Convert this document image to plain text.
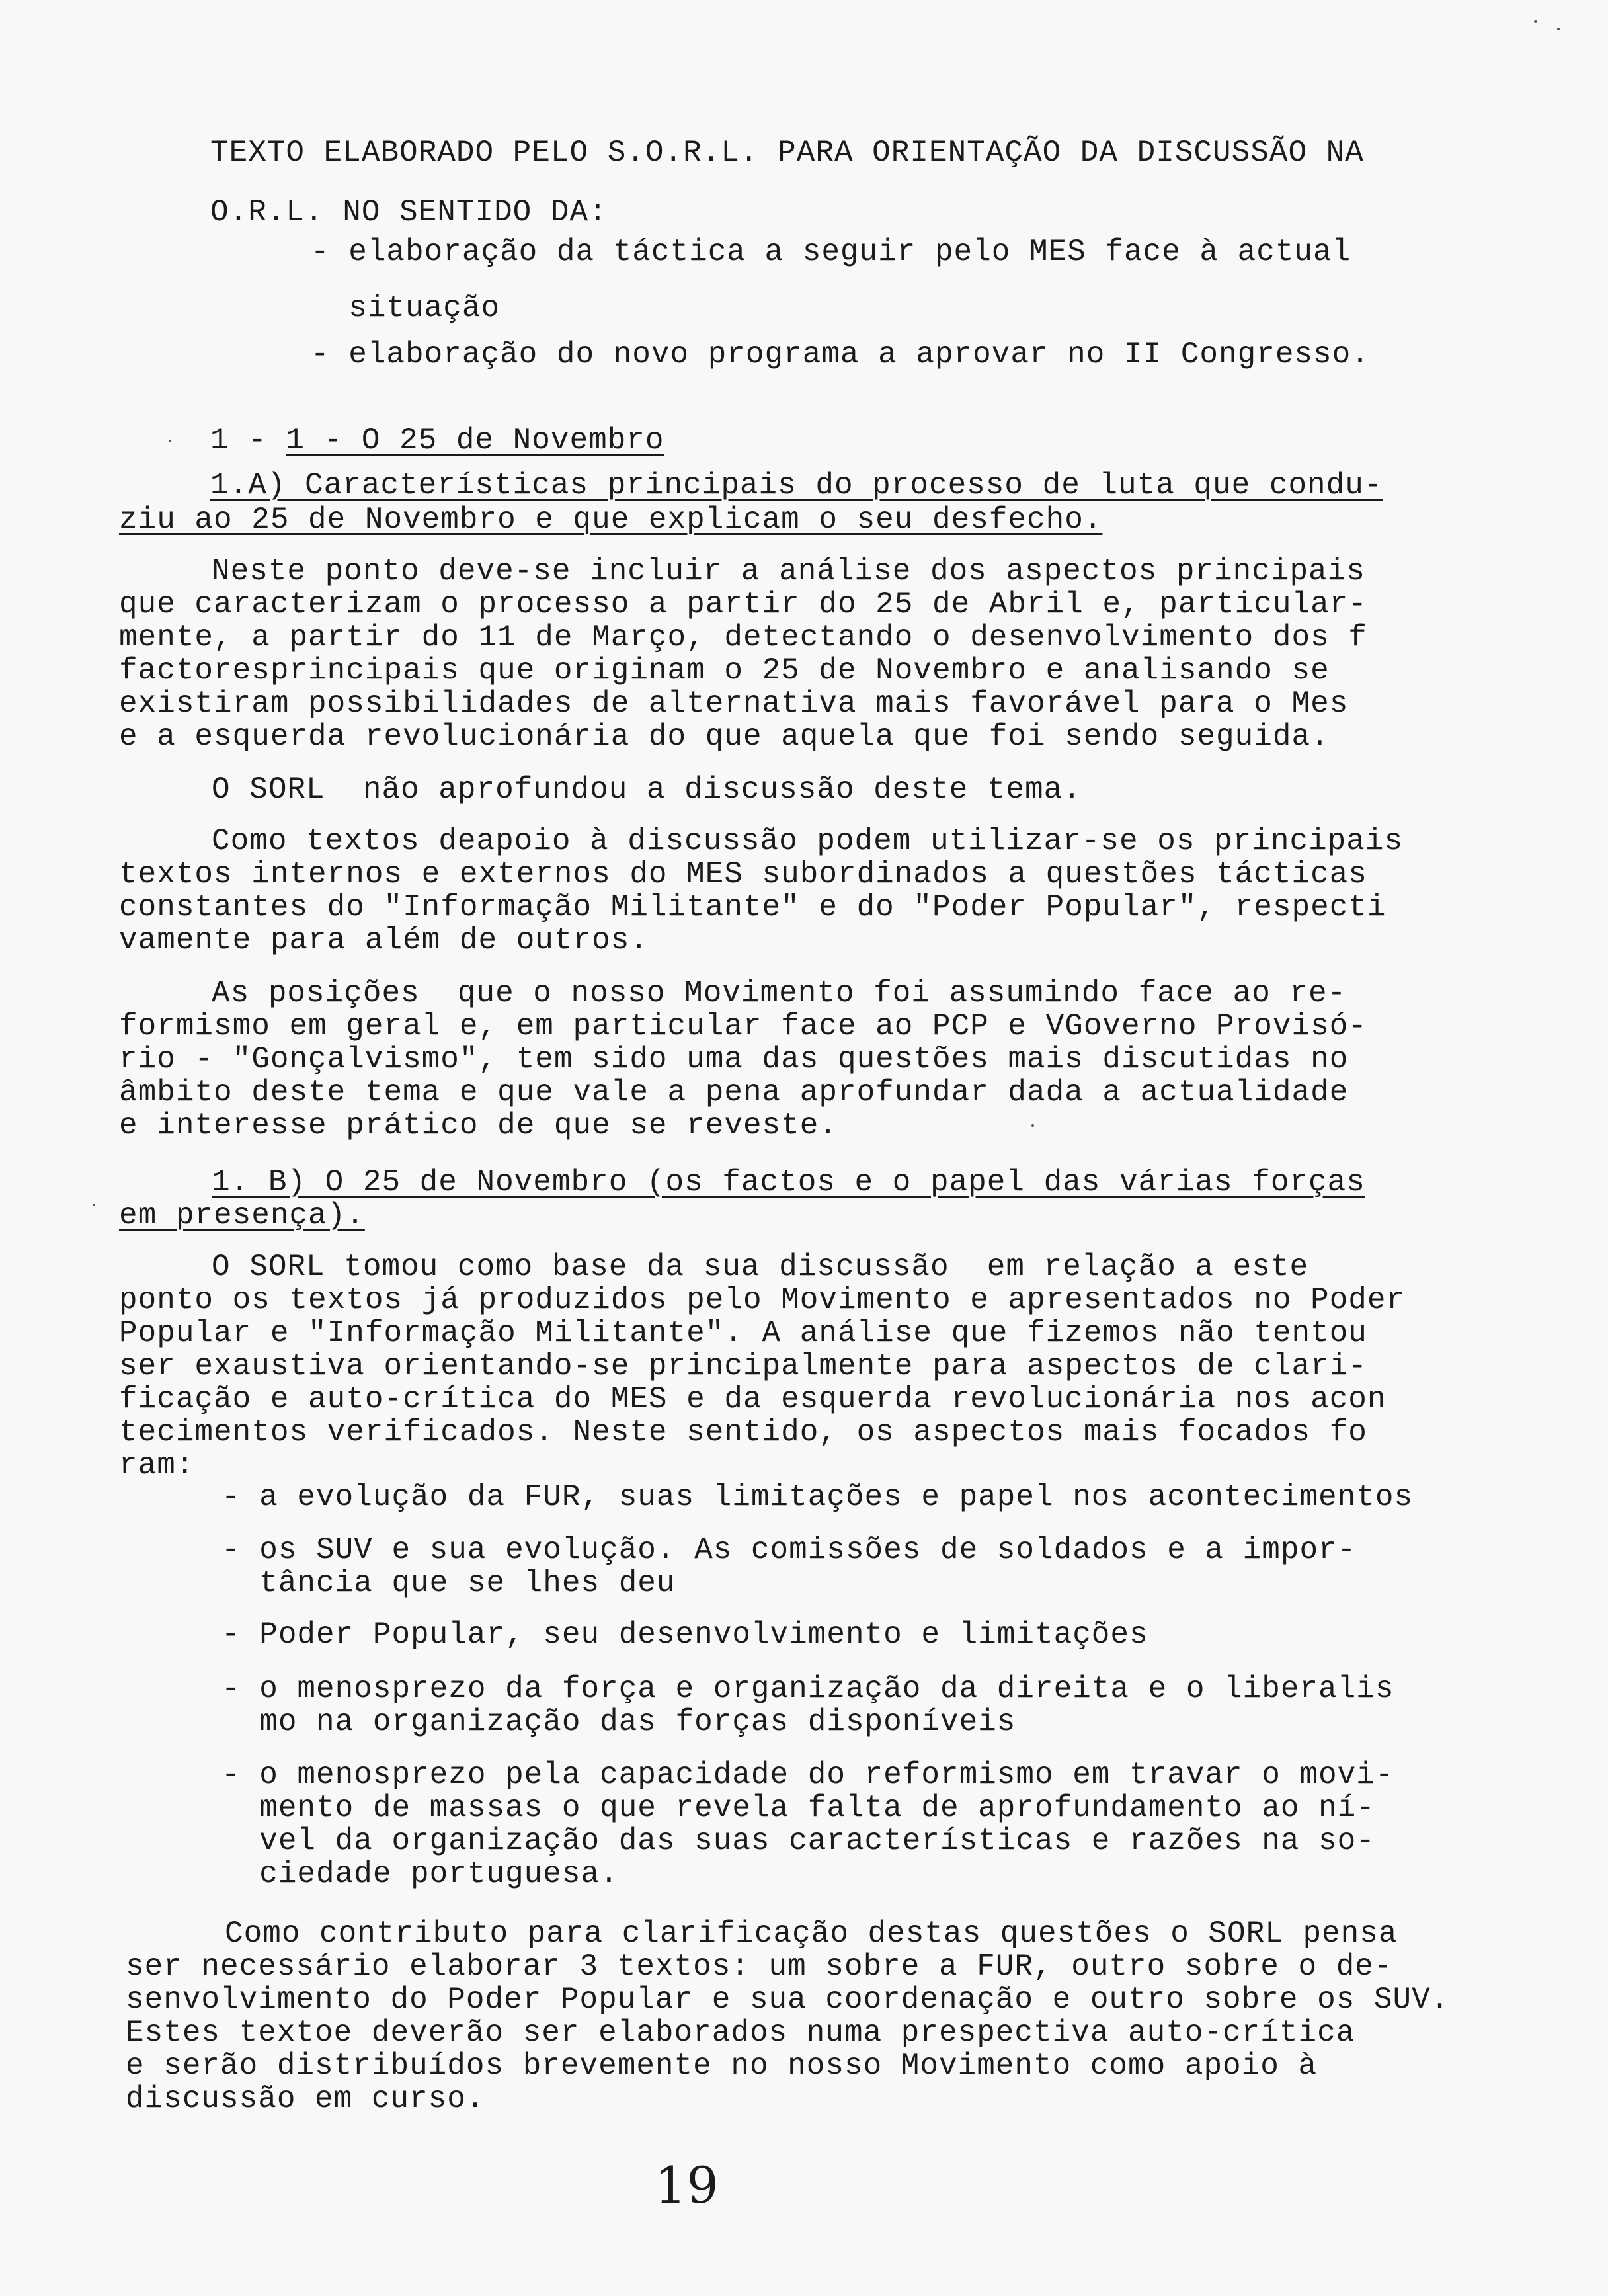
TEXTO ELABORADO PELO S.O.R.L. PARA ORIENTAÇÃO DA DISCUSSÃO NA
O.R.L. NO SENTIDO DA:
- elaboração da táctica a seguir pelo MES face à actual
situação
- elaboração do novo programa a aprovar no II Congresso.
1 - 1 - O 25 de Novembro
1.A) Características principais do processo de luta que condu-
ziu ao 25 de Novembro e que explicam o seu desfecho.
Neste ponto deve-se incluir a análise dos aspectos principais
que caracterizam o processo a partir do 25 de Abril e, particular-
mente, a partir do 11 de Março, detectando o desenvolvimento dos f
factoresprincipais que originam o 25 de Novembro e analisando se
existiram possibilidades de alternativa mais favorável para o Mes
e a esquerda revolucionária do que aquela que foi sendo seguida.
O SORL  não aprofundou a discussão deste tema.
Como textos deapoio à discussão podem utilizar-se os principais
textos internos e externos do MES subordinados a questões tácticas
constantes do "Informação Militante" e do "Poder Popular", respecti
vamente para além de outros.
As posições  que o nosso Movimento foi assumindo face ao re-
formismo em geral e, em particular face ao PCP e VGoverno Provisó-
rio - "Gonçalvismo", tem sido uma das questões mais discutidas no
âmbito deste tema e que vale a pena aprofundar dada a actualidade
e interesse prático de que se reveste.
1. B) O 25 de Novembro (os factos e o papel das várias forças
em presença).
O SORL tomou como base da sua discussão  em relação a este
ponto os textos já produzidos pelo Movimento e apresentados no Poder
Popular e "Informação Militante". A análise que fizemos não tentou
ser exaustiva orientando-se principalmente para aspectos de clari-
ficação e auto-crítica do MES e da esquerda revolucionária nos acon
tecimentos verificados. Neste sentido, os aspectos mais focados fo
ram:
- a evolução da FUR, suas limitações e papel nos acontecimentos
- os SUV e sua evolução. As comissões de soldados e a impor-
tância que se lhes deu
- Poder Popular, seu desenvolvimento e limitações
- o menosprezo da força e organização da direita e o liberalis
mo na organização das forças disponíveis
- o menosprezo pela capacidade do reformismo em travar o movi-
mento de massas o que revela falta de aprofundamento ao ní-
vel da organização das suas características e razões na so-
ciedade portuguesa.
Como contributo para clarificação destas questões o SORL pensa
ser necessário elaborar 3 textos: um sobre a FUR, outro sobre o de-
senvolvimento do Poder Popular e sua coordenação e outro sobre os SUV.
Estes textoe deverão ser elaborados numa prespectiva auto-crítica
e serão distribuídos brevemente no nosso Movimento como apoio à
discussão em curso.
19
